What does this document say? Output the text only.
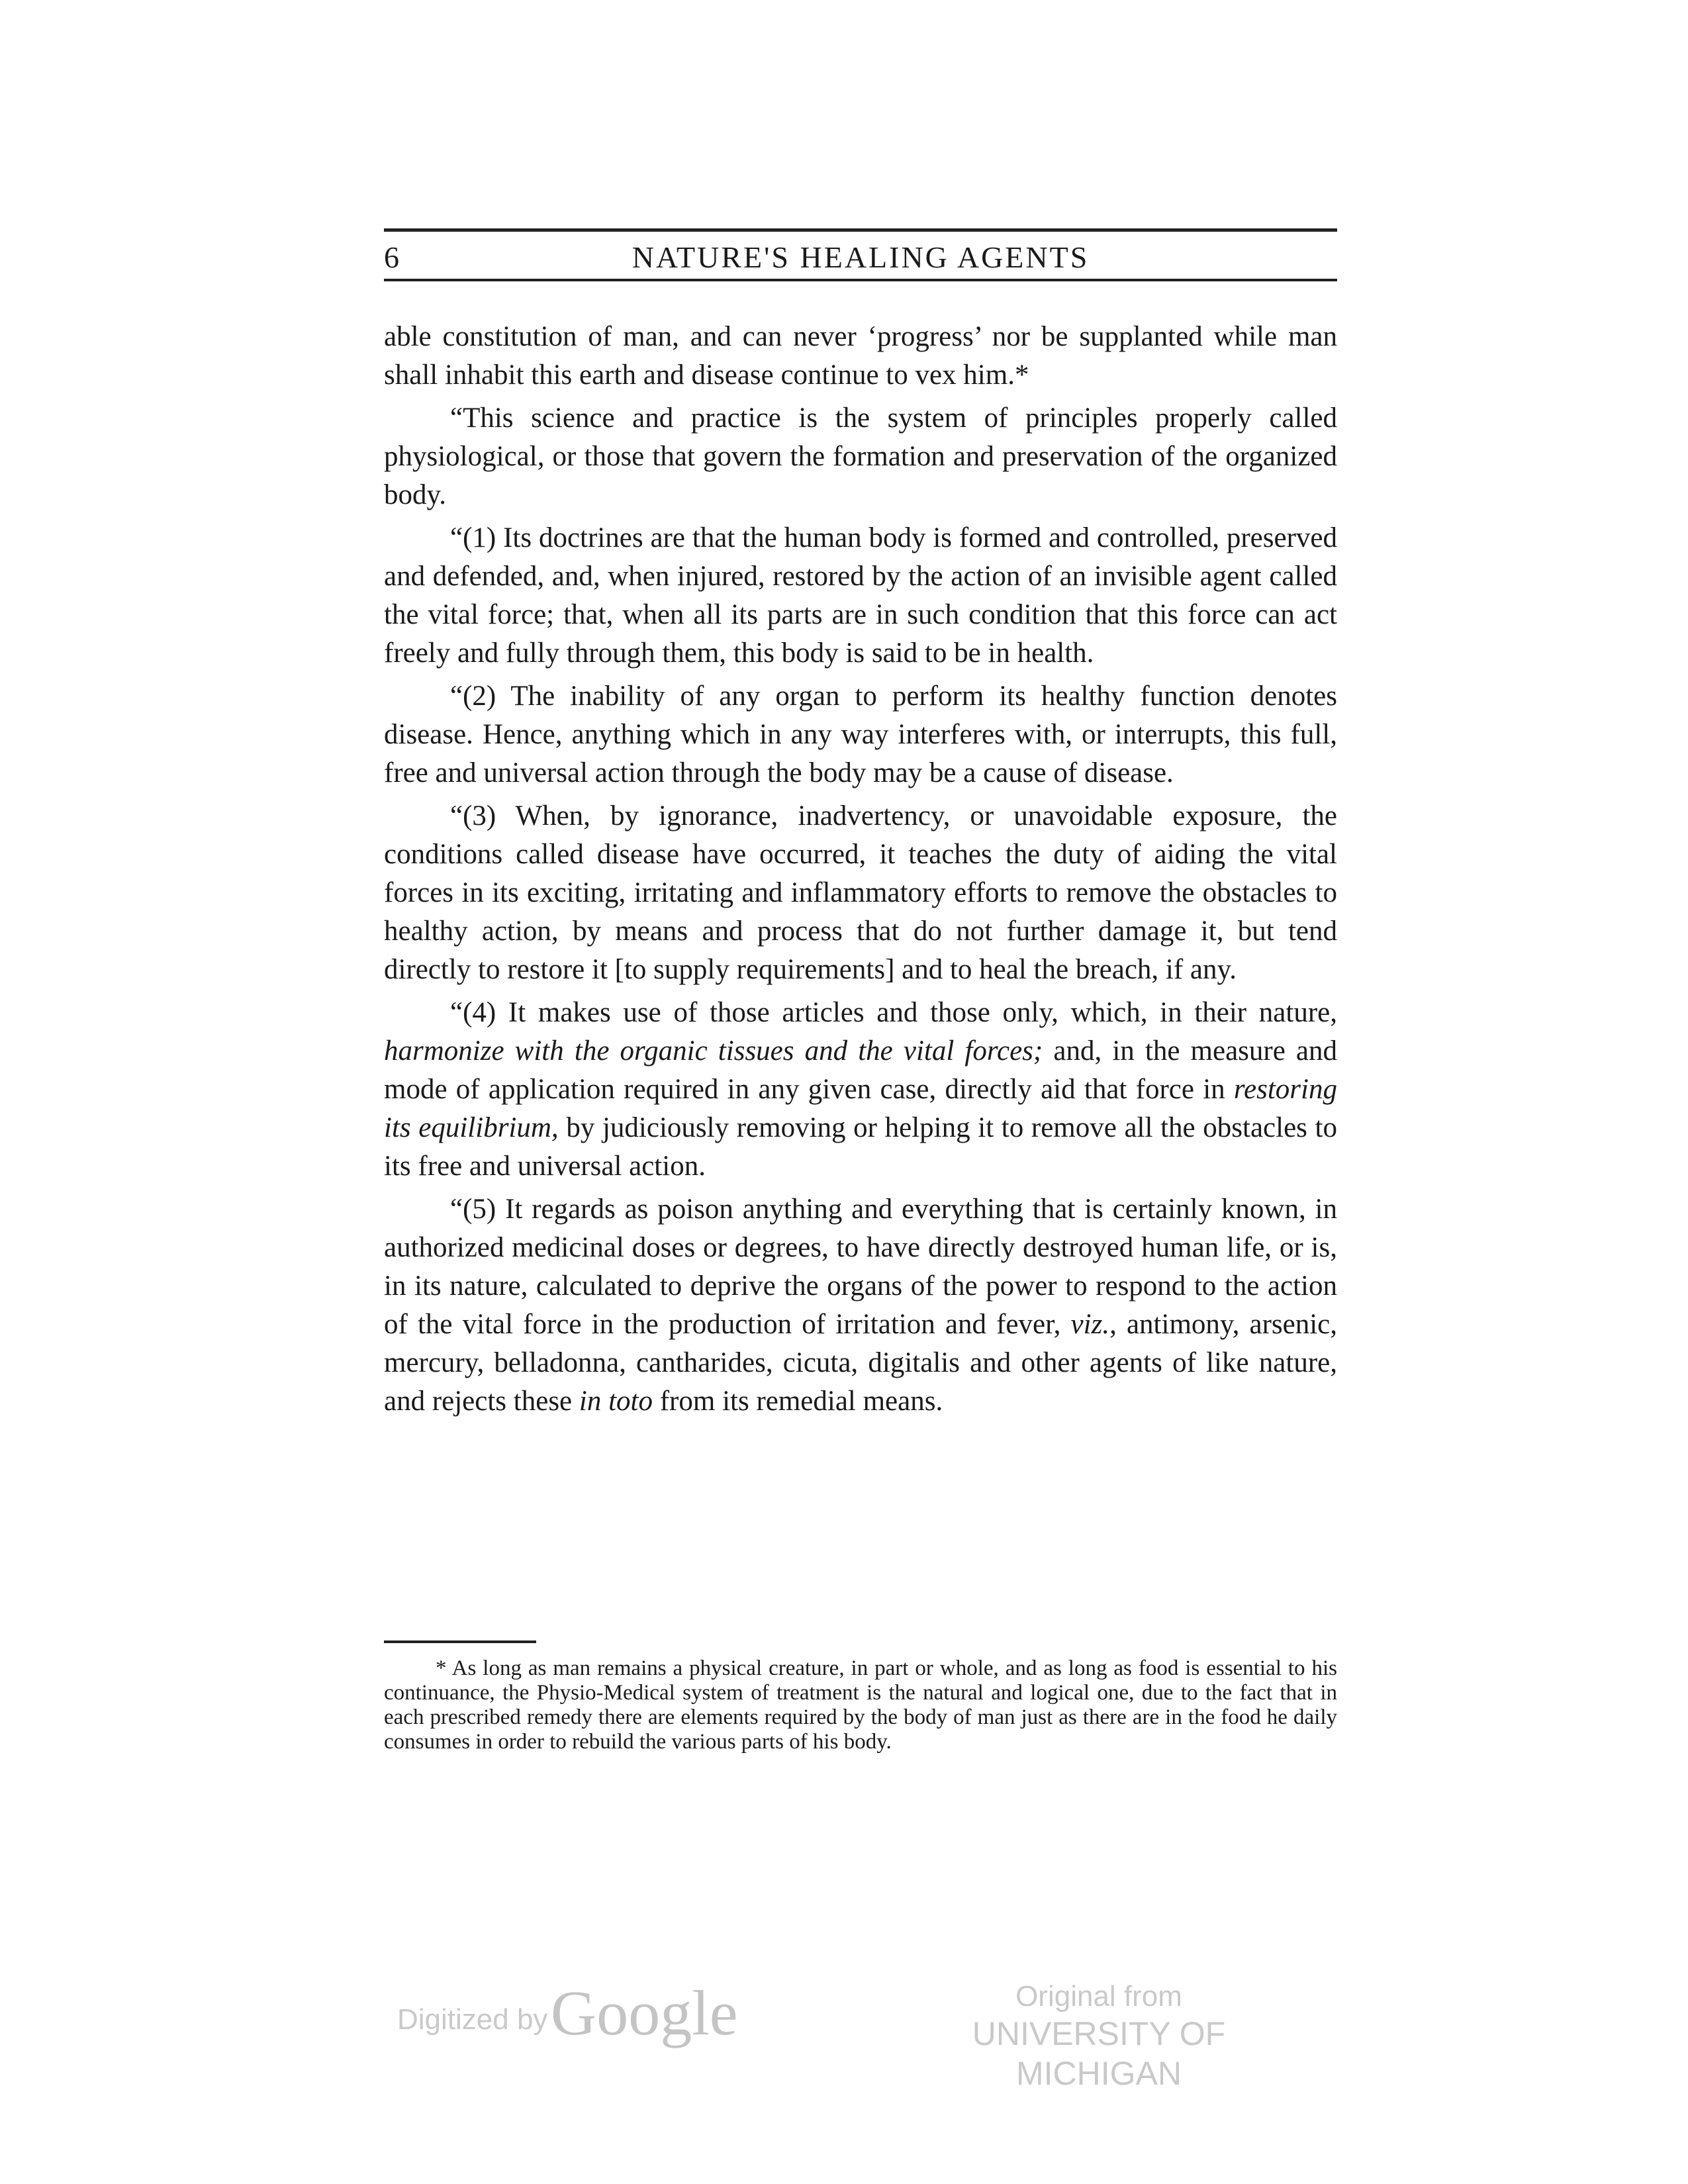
6	NATURE'S HEALING AGENTS

able constitution of man, and can never ‘progress’ nor be supplanted while man shall inhabit this earth and disease continue to vex him.*

“This science and practice is the system of principles properly called physiological, or those that govern the formation and preservation of the organized body.

“(1) Its doctrines are that the human body is formed and controlled, preserved and defended, and, when injured, restored by the action of an invisible agent called the vital force; that, when all its parts are in such condition that this force can act freely and fully through them, this body is said to be in health.

“(2) The inability of any organ to perform its healthy function denotes disease. Hence, anything which in any way interferes with, or interrupts, this full, free and universal action through the body may be a cause of disease.

“(3) When, by ignorance, inadvertency, or unavoidable exposure, the conditions called disease have occurred, it teaches the duty of aiding the vital forces in its exciting, irritating and inflammatory efforts to remove the obstacles to healthy action, by means and process that do not further damage it, but tend directly to restore it [to supply requirements] and to heal the breach, if any.

“(4) It makes use of those articles and those only, which, in their nature, harmonize with the organic tissues and the vital forces; and, in the measure and mode of application required in any given case, directly aid that force in restoring its equilibrium, by judiciously removing or helping it to remove all the obstacles to its free and universal action.

“(5) It regards as poison anything and everything that is certainly known, in authorized medicinal doses or degrees, to have directly destroyed human life, or is, in its nature, calculated to deprive the organs of the power to respond to the action of the vital force in the production of irritation and fever, viz., antimony, arsenic, mercury, belladonna, cantharides, cicuta, digitalis and other agents of like nature, and rejects these in toto from its remedial means.

* As long as man remains a physical creature, in part or whole, and as long as food is essential to his continuance, the Physio-Medical system of treatment is the natural and logical one, due to the fact that in each prescribed remedy there are elements required by the body of man just as there are in the food he daily consumes in order to rebuild the various parts of his body.

Digitized by Google	Original from
UNIVERSITY OF MICHIGAN
